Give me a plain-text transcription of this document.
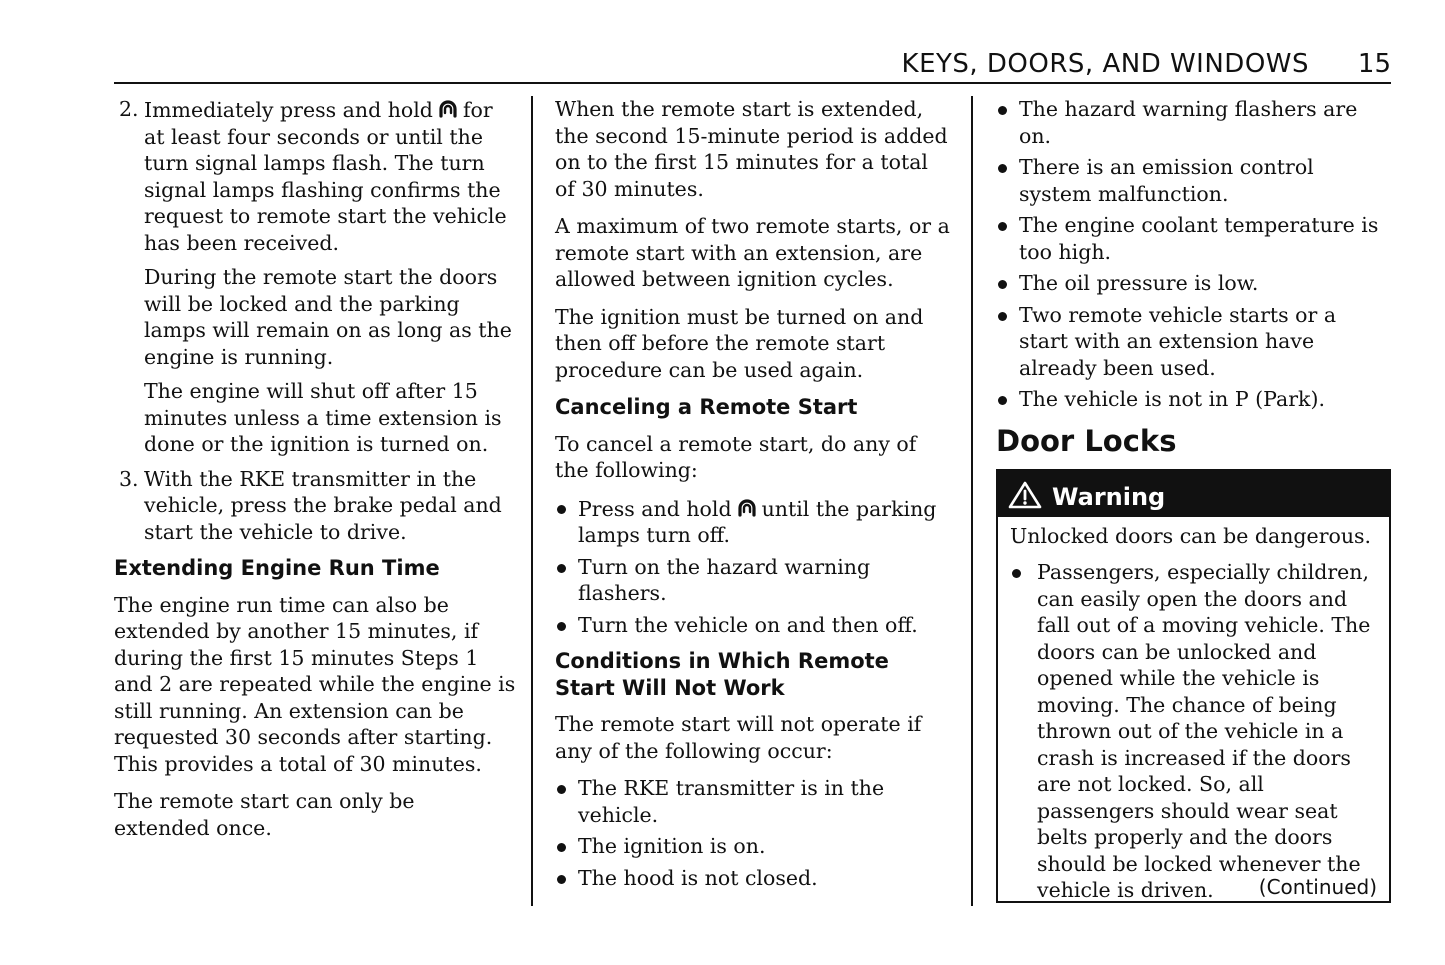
KEYS, DOORS, AND WINDOWS 15
2. Immediately press and hold for at least four seconds or until the turn signal lamps flash. The turn signal lamps flashing confirms the request to remote start the vehicle has been received.

During the remote start the doors will be locked and the parking lamps will remain on as long as the engine is running.

The engine will shut off after 15 minutes unless a time extension is done or the ignition is turned on.

3. With the RKE transmitter in the vehicle, press the brake pedal and start the vehicle to drive.
Extending Engine Run Time

The engine run time can also be extended by another 15 minutes, if during the first 15 minutes Steps 1 and 2 are repeated while the engine is still running. An extension can be requested 30 seconds after starting. This provides a total of 30 minutes.

The remote start can only be extended once.

When the remote start is extended, the second 15-minute period is added on to the first 15 minutes for a total of 30 minutes.

A maximum of two remote starts, or a remote start with an extension, are allowed between ignition cycles.

The ignition must be turned on and then off before the remote start procedure can be used again.

Canceling a Remote Start

To cancel a remote start, do any of the following:

Press and hold until the parking lamps turn off.
Turn on the hazard warning flashers.
Turn the vehicle on and then off.
Conditions in Which Remote Start Will Not Work

The remote start will not operate if any of the following occur:

The RKE transmitter is in the vehicle.
The ignition is on.
The hood is not closed.
The hazard warning flashers are on.
There is an emission control system malfunction.
The engine coolant temperature is too high.
The oil pressure is low.
Two remote vehicle starts or a start with an extension have already been used.
The vehicle is not in P (Park).
Door Locks
Warning

Unlocked doors can be dangerous.

Passengers, especially children, can easily open the doors and fall out of a moving vehicle. The doors can be unlocked and opened while the vehicle is moving. The chance of being thrown out of the vehicle in a crash is increased if the doors are not locked. So, all passengers should wear seat belts properly and the doors should be locked whenever the vehicle is driven.	(Continued)
